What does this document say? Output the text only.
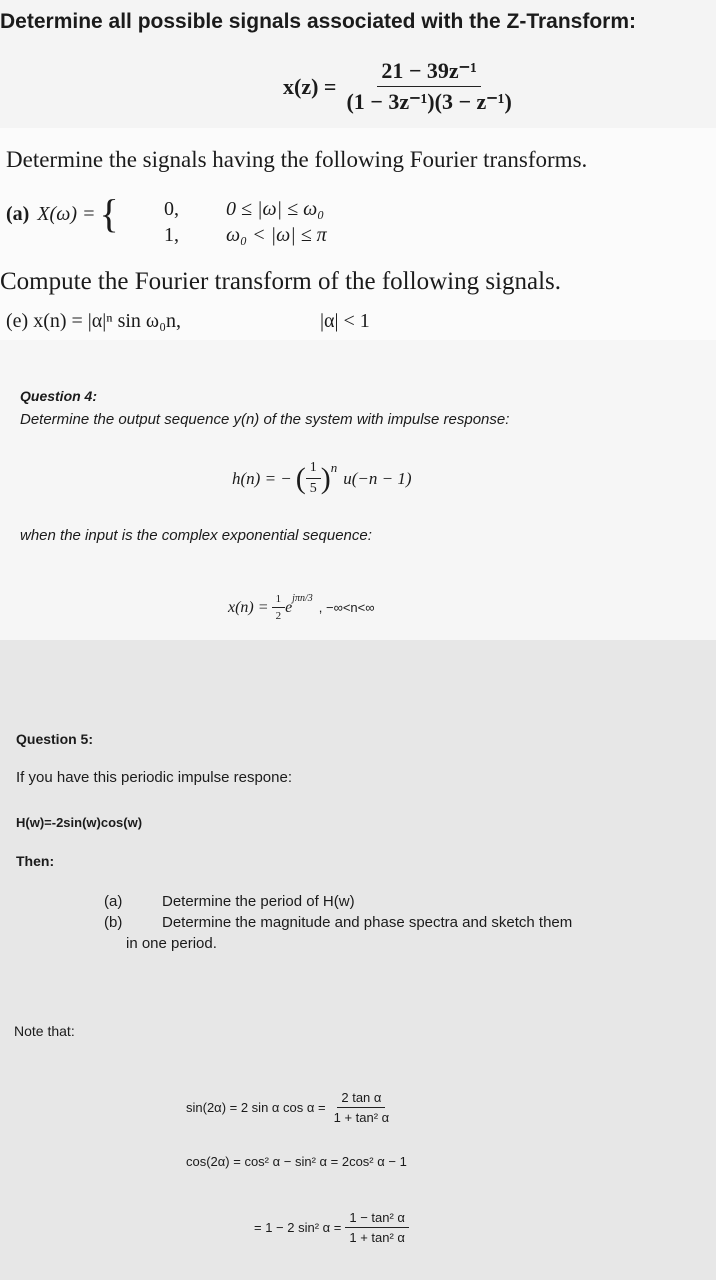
Determine all possible signals associated with the Z-Transform:
$x(z) = \frac{\text{21 − 39z⁻¹}}{\text{(1 − 3z⁻¹)(3 − z⁻¹)}}$
Determine the signals having the following Fourier transforms.
(a) X(ω) = { 0, 0 ≤ |ω| ≤ ω₀
1, ω₀ < |ω| ≤ π
Compute the Fourier transform of the following signals.
(e) x(n) = |α|ⁿ sin ω₀n,	|α| < 1
Question 4:
Determine the output sequence y(n) of the system with impulse response:
h(n) = − ( $\frac{1}{5} )^n$
u(−n − 1)
when the input is the complex exponential sequence:
$x(n) = \frac{1}{2} e^{j\pi n/3}$
, −∞<n<∞
Question 5:
If you have this periodic impulse respone:
H(w)=-2sin(w)cos(w)
Then:
(a)	Determine the period of H(w)
(b)	Determine the magnitude and phase spectra and sketch them
in one period.
Note that:
sin(2α) = 2 sin α $\cos \alpha = \frac{\text{2 tan α}}{\text{1 + tan² α}}$
cos(2α) = cos² α − sin² α = 2cos² α − 1
= 1 − 2 sin² $\alpha = \frac{\text{1 − tan² α}}{\text{1 + tan² α}}$
